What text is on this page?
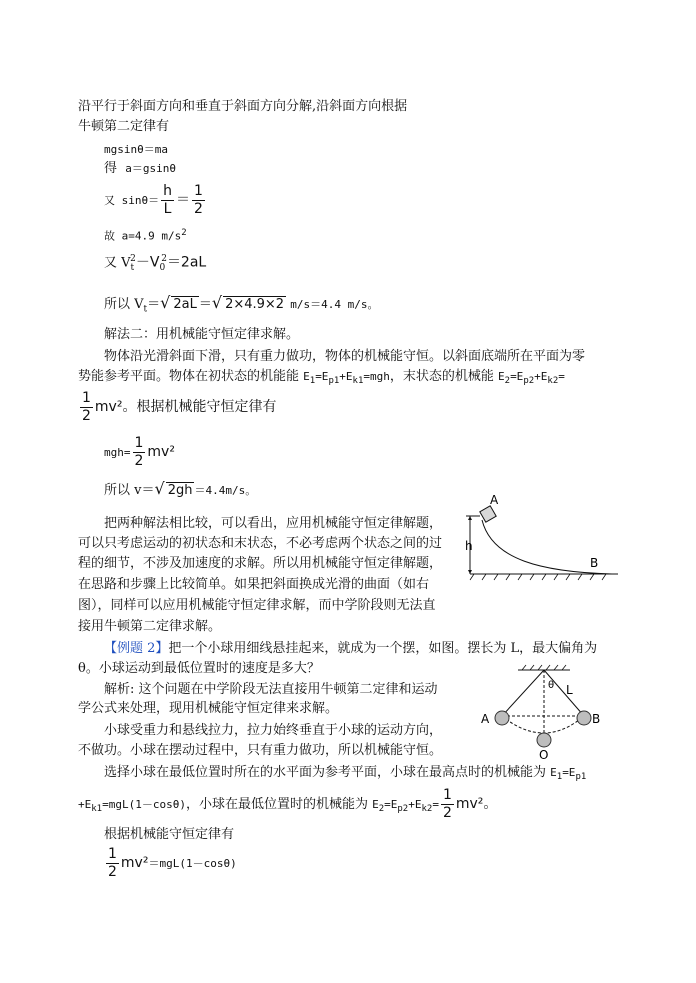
沿平行于斜面方向和垂直于斜面方向分解,沿斜面方向根据
牛顿第二定律有
mgsinθ＝ma
得 a＝gsinθ
又 $\sin\theta= \frac{h}{L} = \frac{1}{2}$
故 a=4.9 $m/s^2$
又 $V_t^2-V_0^2=2aL$
所以 $V_t=√$ 2aL ＝√ 2×4.9×2 m/s＝4.4 m/s。
解法二：用机械能守恒定律求解。
物体沿光滑斜面下滑，只有重力做功，物体的机械能守恒。以斜面底端所在平面为零
势能参考平面。物体在初状态的机能能 $E_1=E_{p1}+E_{k1}=mgh$，末状态的机械能 $E_2=E_{p2}+E_{k2}=$
$\frac{1}{2} mv^2$。根据机械能守恒定律有
$mgh= \frac{1}{2} mv^2$
所以 v＝√ 2gh ＝4.4m/s。
把两种解法相比较，可以看出，应用机械能守恒定律解题，
可以只考虑运动的初状态和末状态，不必考虑两个状态之间的过
程的细节，不涉及加速度的求解。所以用机械能守恒定律解题，
在思路和步骤上比较简单。如果把斜面换成光滑的曲面（如右
图），同样可以应用机械能守恒定律求解，而中学阶段则无法直
接用牛顿第二定律求解。
h
A
B
【例题 2】把一个小球用细线悬挂起来，就成为一个摆，如图。摆长为 L，最大偏角为
θ。小球运动到最低位置时的速度是多大？
解析: 这个问题在中学阶段无法直接用牛顿第二定律和运动
学公式来处理，现用机械能守恒定律来求解。
小球受重力和悬线拉力，拉力始终垂直于小球的运动方向，
不做功。小球在摆动过程中，只有重力做功，所以机械能守恒。
选择小球在最低位置时所在的水平面为参考平面，小球在最高点时的机械能为 $E_1=E_{p1}$
$+E_{k1}=mgL(1-\cos\theta)$，小球在最低位置时的机械能为 $E_2=E_{p2}+E_{k2}= \frac{1}{2} mv^2$。
根据机械能守恒定律有
$\frac{1}{2} mv^2=mgL(1-\cos\theta)$
θ L
A	B
O
